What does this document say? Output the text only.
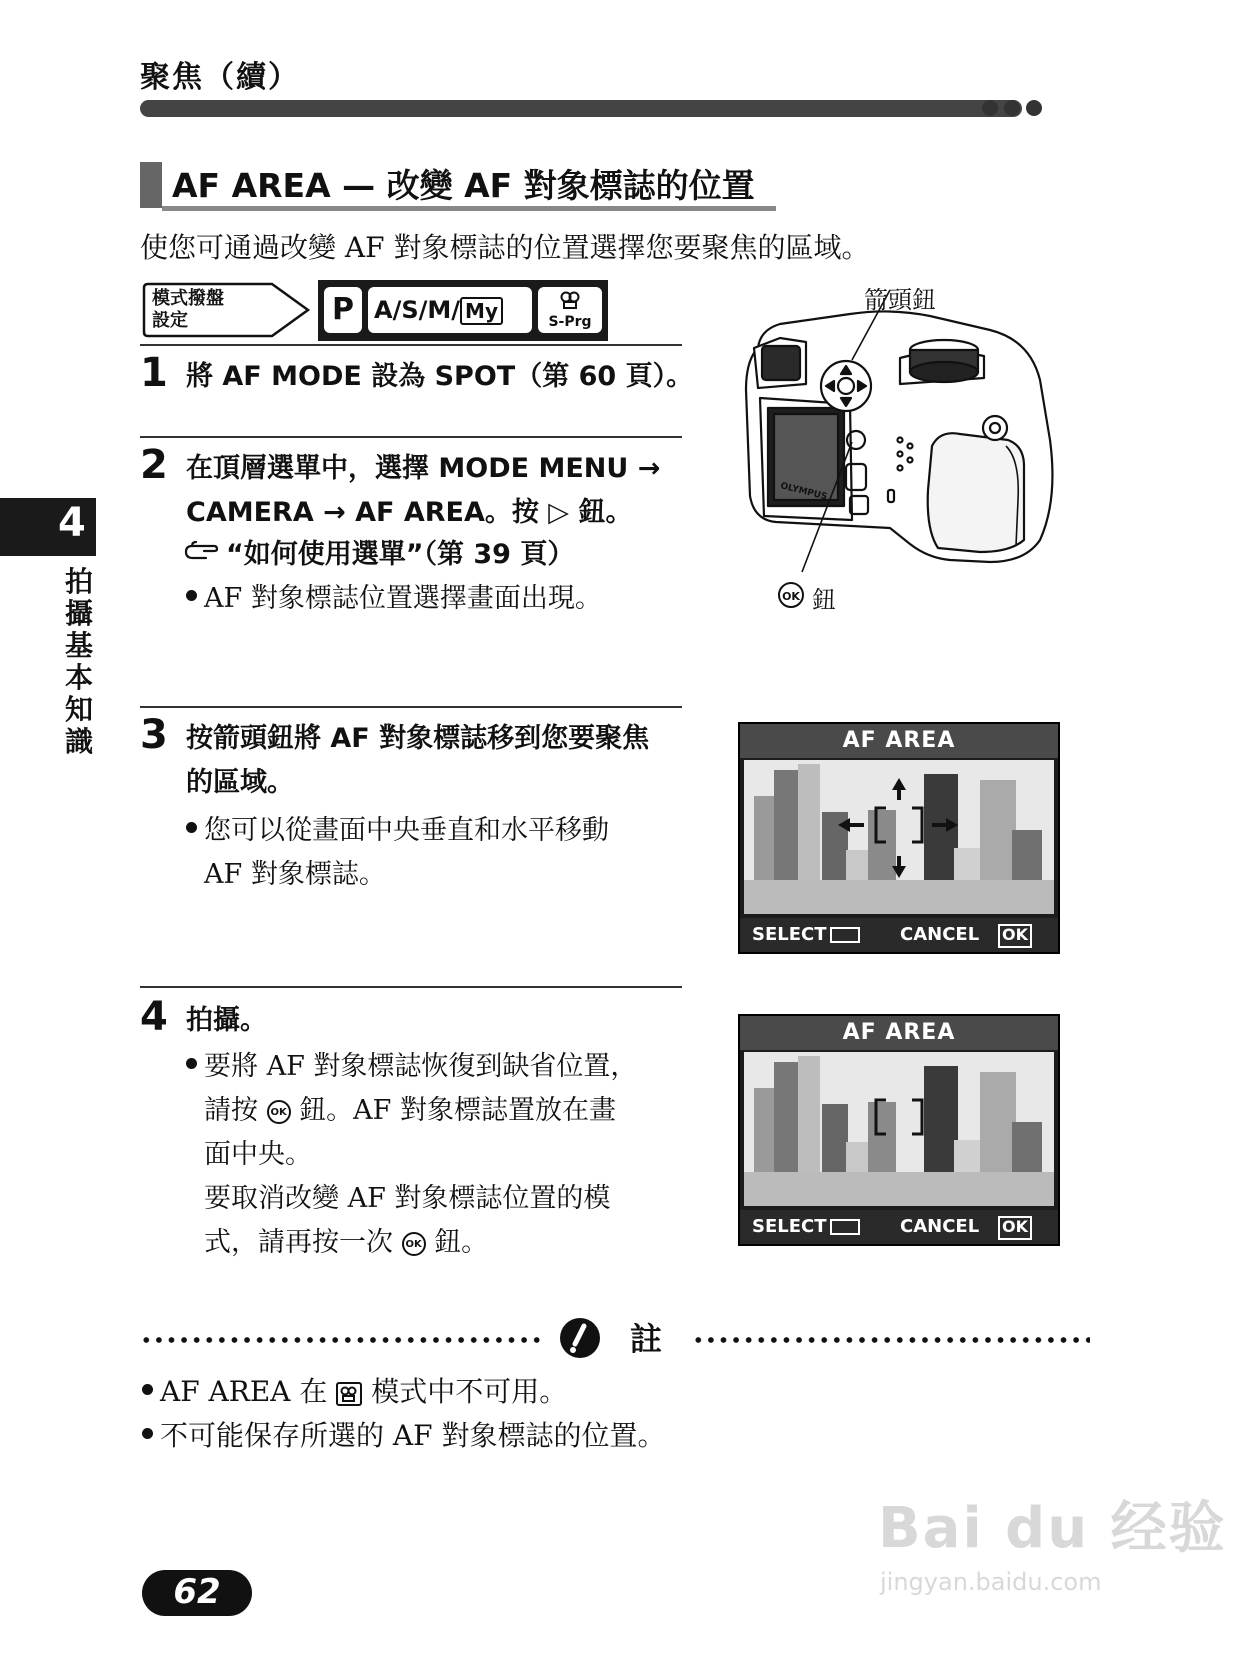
聚焦（續）
AF AREA — 改變 AF 對象標誌的位置
使您可通過改變 AF 對象標誌的位置選擇您要聚焦的區域。
模式撥盤
設定	P A/S/M/ My	S-Prg
4
拍攝基本知識
1 將 AF MODE 設為 SPOT（第 60 頁）。
2 在頂層選單中，選擇 MODE MENU →
CAMERA → AF AREA。按 ▷ 鈕。
“如何使用選單”（第 39 頁）
AF 對象標誌位置選擇畫面出現。
OLYMPUS
箭頭鈕
OK 鈕
3 按箭頭鈕將 AF 對象標誌移到您要聚焦
的區域。
您可以從畫面中央垂直和水平移動
AF 對象標誌。
AF AREA
SELECT	CANCEL OK
4 拍攝。
要將 AF 對象標誌恢復到缺省位置，
請按 OK 鈕。AF 對象標誌置放在畫
面中央。
要取消改變 AF 對象標誌位置的模
式，請再按一次 OK 鈕。
AF AREA
SELECT	CANCEL OK
註
AF AREA 在 模式中不可用。
不可能保存所選的 AF 對象標誌的位置。
62
Bai du 经验
jingyan.baidu.com
